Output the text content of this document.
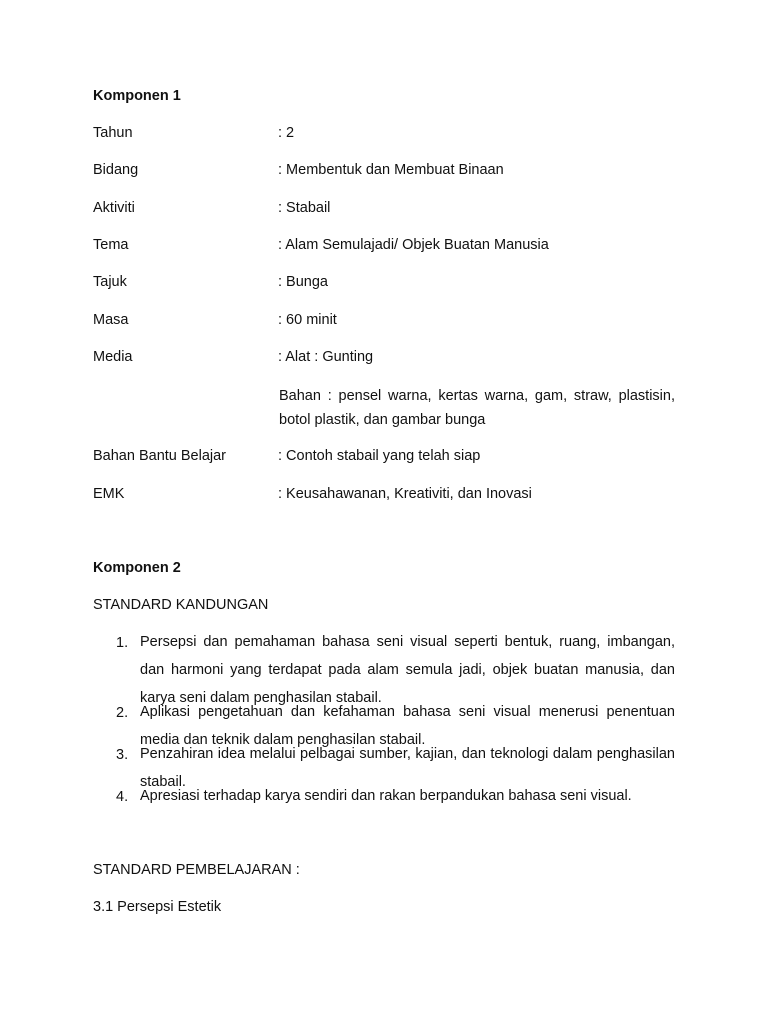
Komponen 1
Tahun	: 2
Bidang	: Membentuk dan Membuat Binaan
Aktiviti	: Stabail
Tema	: Alam Semulajadi/ Objek Buatan Manusia
Tajuk	: Bunga
Masa	: 60 minit
Media	: Alat : Gunting
Bahan : pensel warna, kertas warna, gam, straw, plastisin, botol plastik, dan gambar bunga
Bahan Bantu Belajar	: Contoh stabail yang telah siap
EMK	: Keusahawanan, Kreativiti, dan Inovasi
Komponen 2
STANDARD KANDUNGAN
1. Persepsi dan pemahaman bahasa seni visual seperti bentuk, ruang, imbangan, dan harmoni yang terdapat pada alam semula jadi, objek buatan manusia, dan karya seni dalam penghasilan stabail.
2. Aplikasi pengetahuan dan kefahaman bahasa seni visual menerusi penentuan media dan teknik dalam penghasilan stabail.
3. Penzahiran idea melalui pelbagai sumber, kajian, dan teknologi dalam penghasilan stabail.
4. Apresiasi terhadap karya sendiri dan rakan berpandukan bahasa seni visual.
STANDARD PEMBELAJARAN :
3.1 Persepsi Estetik
